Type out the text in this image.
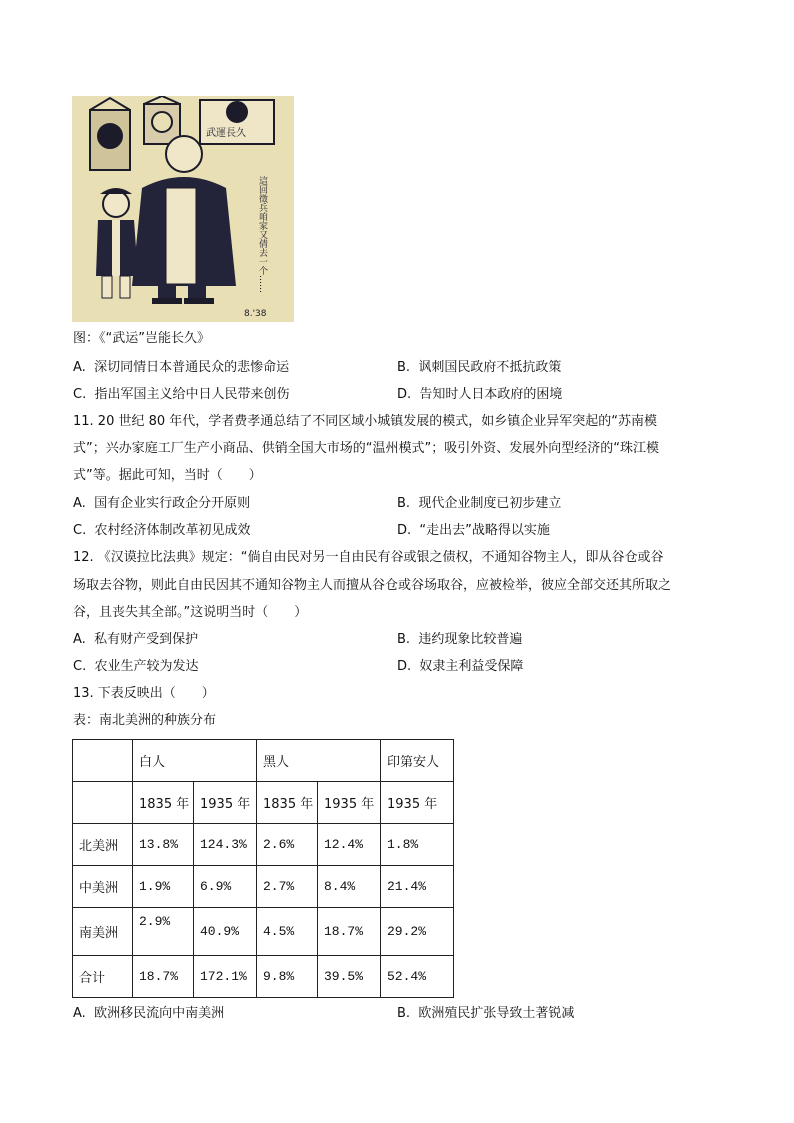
武運長久
這回徵兵咱家又倩去一个……
8.'38
图：《“武运”岂能长久》
A. 深切同情日本普通民众的悲惨命运	B. 讽刺国民政府不抵抗政策
C. 指出军国主义给中日人民带来创伤	D. 告知时人日本政府的困境
11. 20 世纪 80 年代，学者费孝通总结了不同区域小城镇发展的模式，如乡镇企业异军突起的“苏南模
式”；兴办家庭工厂生产小商品、供销全国大市场的“温州模式”；吸引外资、发展外向型经济的“珠江模
式”等。据此可知，当时（　　）
A. 国有企业实行政企分开原则	B. 现代企业制度已初步建立
C. 农村经济体制改革初见成效	D. “走出去”战略得以实施
12. 《汉谟拉比法典》规定：“倘自由民对另一自由民有谷或银之债权，不通知谷物主人，即从谷仓或谷
场取去谷物，则此自由民因其不通知谷物主人而擅从谷仓或谷场取谷，应被检举，彼应全部交还其所取之
谷，且丧失其全部。”这说明当时（　　）
A. 私有财产受到保护	B. 违约现象比较普遍
C. 农业生产较为发达	D. 奴隶主利益受保障
13. 下表反映出（　　）
表：南北美洲的种族分布
	白人		黑人		印第安人
	1835 年	1935 年	1835 年	1935 年	1935 年
北美洲	13.8%	124.3%	2.6%	12.4%	1.8%
中美洲	1.9%	6.9%	2.7%	8.4%	21.4%
南美洲	2.9%	40.9%	4.5%	18.7%	29.2%
合计	18.7%	172.1%	9.8%	39.5%	52.4%
A. 欧洲移民流向中南美洲	B. 欧洲殖民扩张导致土著锐减
